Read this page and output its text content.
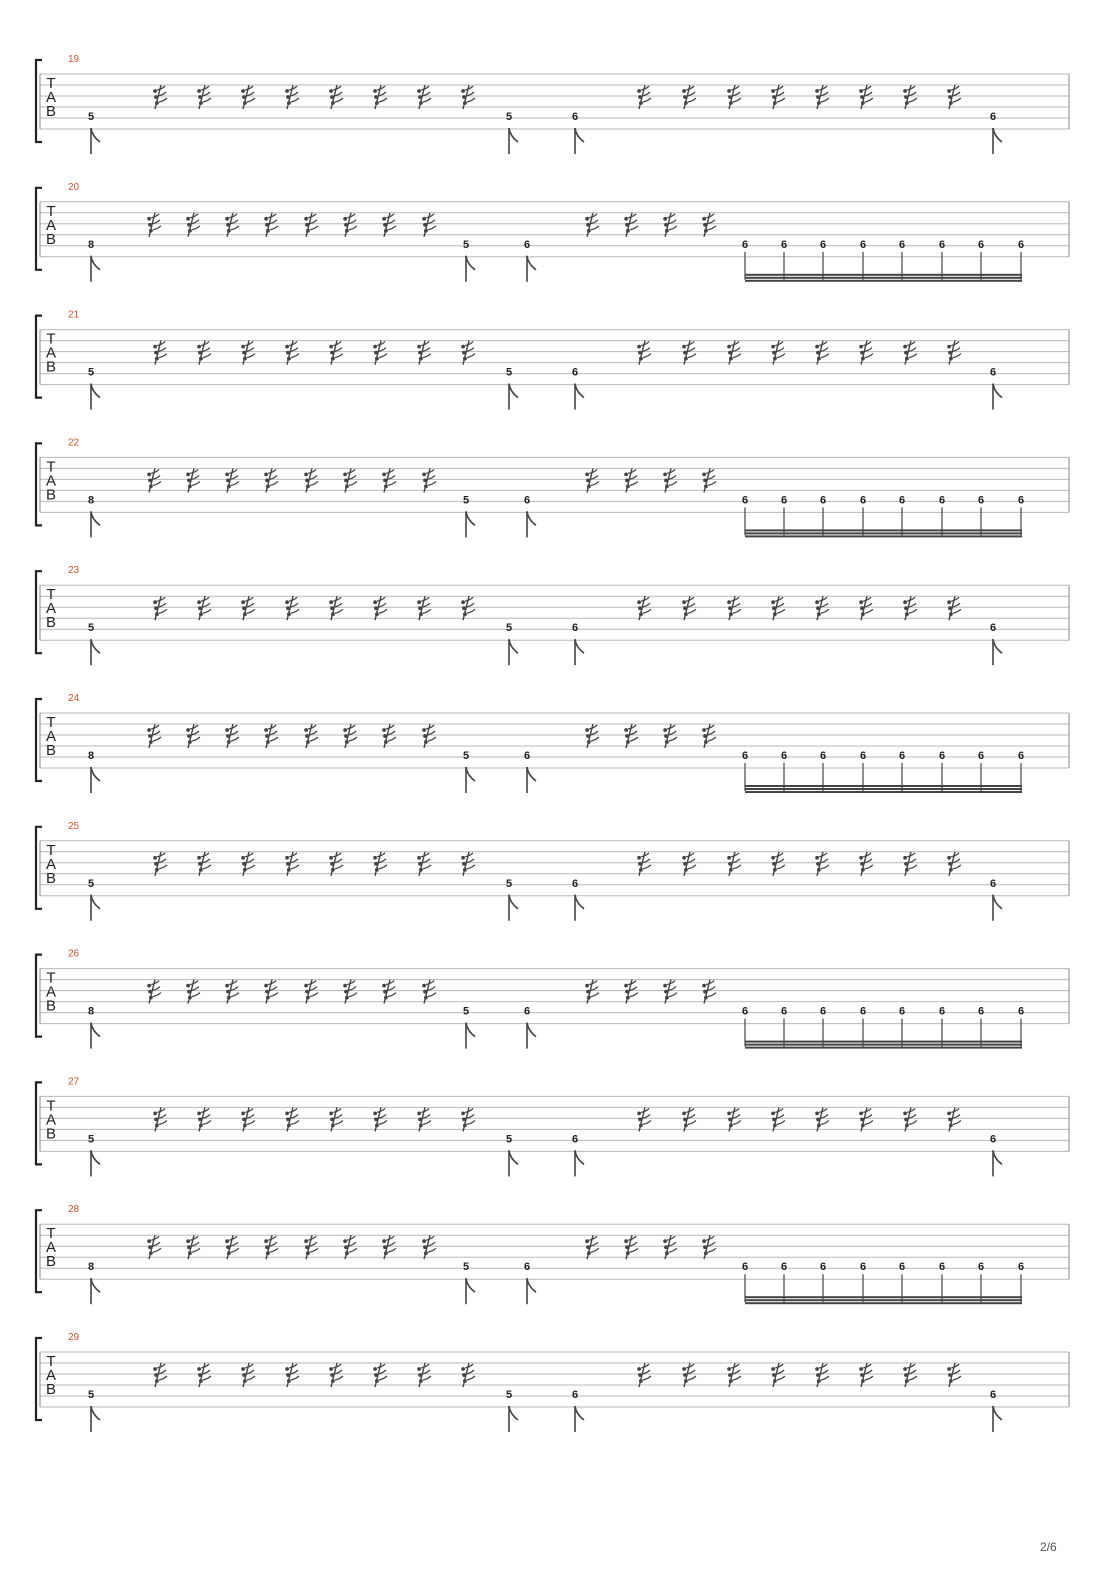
19
T
A
B	5	5	6	6
20
T
A
B	8	5	6	6	6	6	6	6	6	6	6
21
T
A
B	5	5	6	6
22
T
A
B	8	5	6	6	6	6	6	6	6	6	6
23
T
A
B	5	5	6	6
24
T
A
B	8	5	6	6	6	6	6	6	6	6	6
25
T
A
B	5	5	6	6
26
T
A
B	8	5	6	6	6	6	6	6	6	6	6
27
T
A
B	5	5	6	6
28
T
A
B	8	5	6	6	6	6	6	6	6	6	6
29
T
A
B	5	5	6	6
2/6
